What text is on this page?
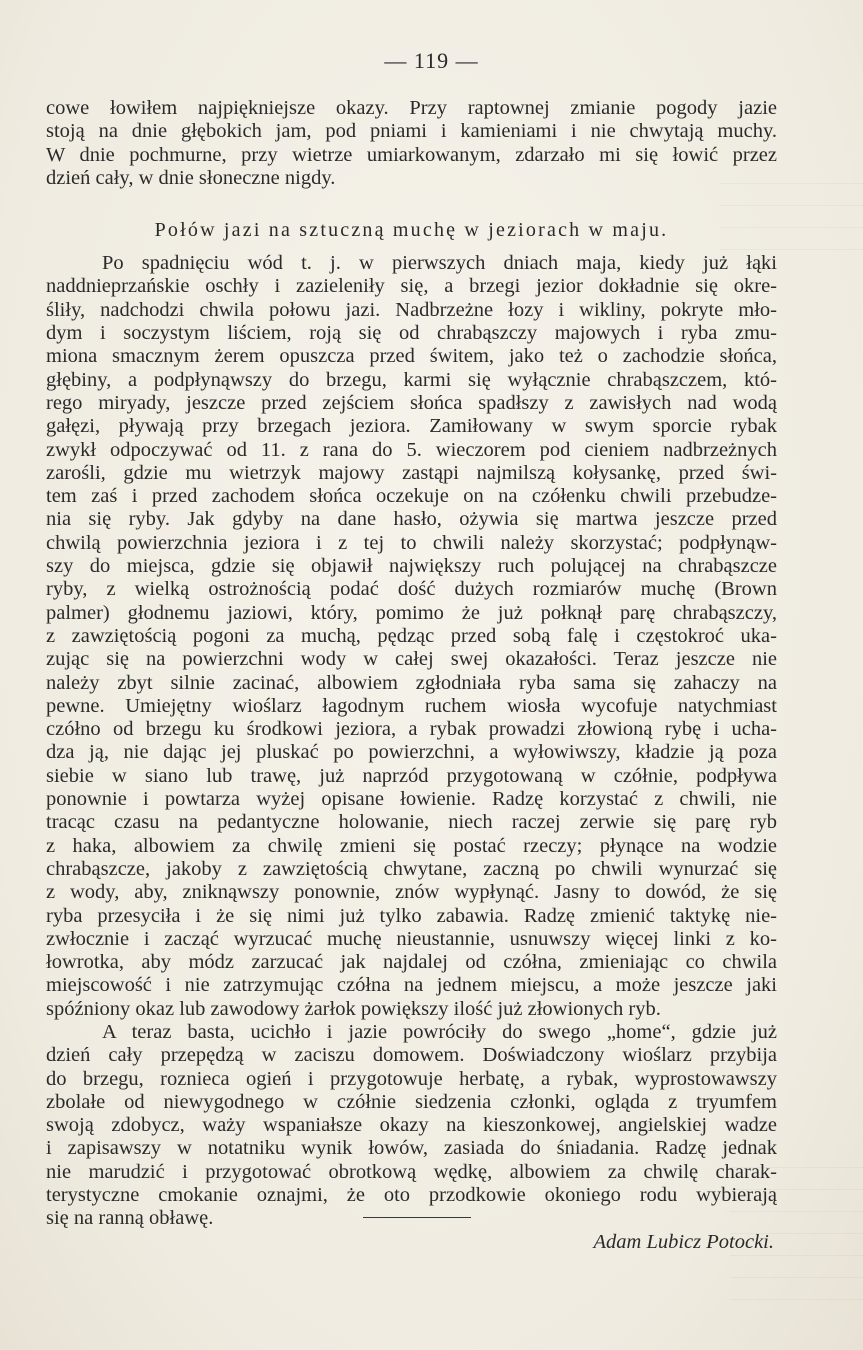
— 119 —
cowe łowiłem najpiękniejsze okazy. Przy raptownej zmianie pogody jazie
stoją na dnie głębokich jam, pod pniami i kamieniami i nie chwytają muchy.
W dnie pochmurne, przy wietrze umiarkowanym, zdarzało mi się łowić przez
dzień cały, w dnie słoneczne nigdy.
Połów jazi na sztuczną muchę w jeziorach w maju.
Po spadnięciu wód t. j. w pierwszych dniach maja, kiedy już łąki
naddnieprzańskie oschły i zazieleniły się, a brzegi jezior dokładnie się okre-
śliły, nadchodzi chwila połowu jazi. Nadbrzeżne łozy i wikliny, pokryte mło-
dym i soczystym liściem, roją się od chrabąszczy majowych i ryba zmu-
miona smacznym żerem opuszcza przed świtem, jako też o zachodzie słońca,
głębiny, a podpłynąwszy do brzegu, karmi się wyłącznie chrabąszczem, któ-
rego miryady, jeszcze przed zejściem słońca spadłszy z zawisłych nad wodą
gałęzi, pływają przy brzegach jeziora. Zamiłowany w swym sporcie rybak
zwykł odpoczywać od 11. z rana do 5. wieczorem pod cieniem nadbrzeżnych
zarośli, gdzie mu wietrzyk majowy zastąpi najmilszą kołysankę, przed świ-
tem zaś i przed zachodem słońca oczekuje on na czółenku chwili przebudze-
nia się ryby. Jak gdyby na dane hasło, ożywia się martwa jeszcze przed
chwilą powierzchnia jeziora i z tej to chwili należy skorzystać; podpłynąw-
szy do miejsca, gdzie się objawił największy ruch polującej na chrabąszcze
ryby, z wielką ostrożnością podać dość dużych rozmiarów muchę (Brown
palmer) głodnemu jaziowi, który, pomimo że już połknął parę chrabąszczy,
z zawziętością pogoni za muchą, pędząc przed sobą falę i częstokroć uka-
zując się na powierzchni wody w całej swej okazałości. Teraz jeszcze nie
należy zbyt silnie zacinać, albowiem zgłodniała ryba sama się zahaczy na
pewne. Umiejętny wioślarz łagodnym ruchem wiosła wycofuje natychmiast
czółno od brzegu ku środkowi jeziora, a rybak prowadzi złowioną rybę i ucha-
dza ją, nie dając jej pluskać po powierzchni, a wyłowiwszy, kładzie ją poza
siebie w siano lub trawę, już naprzód przygotowaną w czółnie, podpływa
ponownie i powtarza wyżej opisane łowienie. Radzę korzystać z chwili, nie
tracąc czasu na pedantyczne holowanie, niech raczej zerwie się parę ryb
z haka, albowiem za chwilę zmieni się postać rzeczy; płynące na wodzie
chrabąszcze, jakoby z zawziętością chwytane, zaczną po chwili wynurzać się
z wody, aby, zniknąwszy ponownie, znów wypłynąć. Jasny to dowód, że się
ryba przesyciła i że się nimi już tylko zabawia. Radzę zmienić taktykę nie-
zwłocznie i zacząć wyrzucać muchę nieustannie, usnuwszy więcej linki z ko-
łowrotka, aby módz zarzucać jak najdalej od czółna, zmieniając co chwila
miejscowość i nie zatrzymując czółna na jednem miejscu, a może jeszcze jaki
spóźniony okaz lub zawodowy żarłok powiększy ilość już złowionych ryb.
A teraz basta, ucichło i jazie powróciły do swego „home“, gdzie już
dzień cały przepędzą w zaciszu domowem. Doświadczony wioślarz przybija
do brzegu, roznieca ogień i przygotowuje herbatę, a rybak, wyprostowawszy
zbolałe od niewygodnego w czółnie siedzenia członki, ogląda z tryumfem
swoją zdobycz, waży wspaniałsze okazy na kieszonkowej, angielskiej wadze
i zapisawszy w notatniku wynik łowów, zasiada do śniadania. Radzę jednak
nie marudzić i przygotować obrotkową wędkę, albowiem za chwilę charak-
terystyczne cmokanie oznajmi, że oto przodkowie okoniego rodu wybierają
się na ranną obławę.
Adam Lubicz Potocki.
